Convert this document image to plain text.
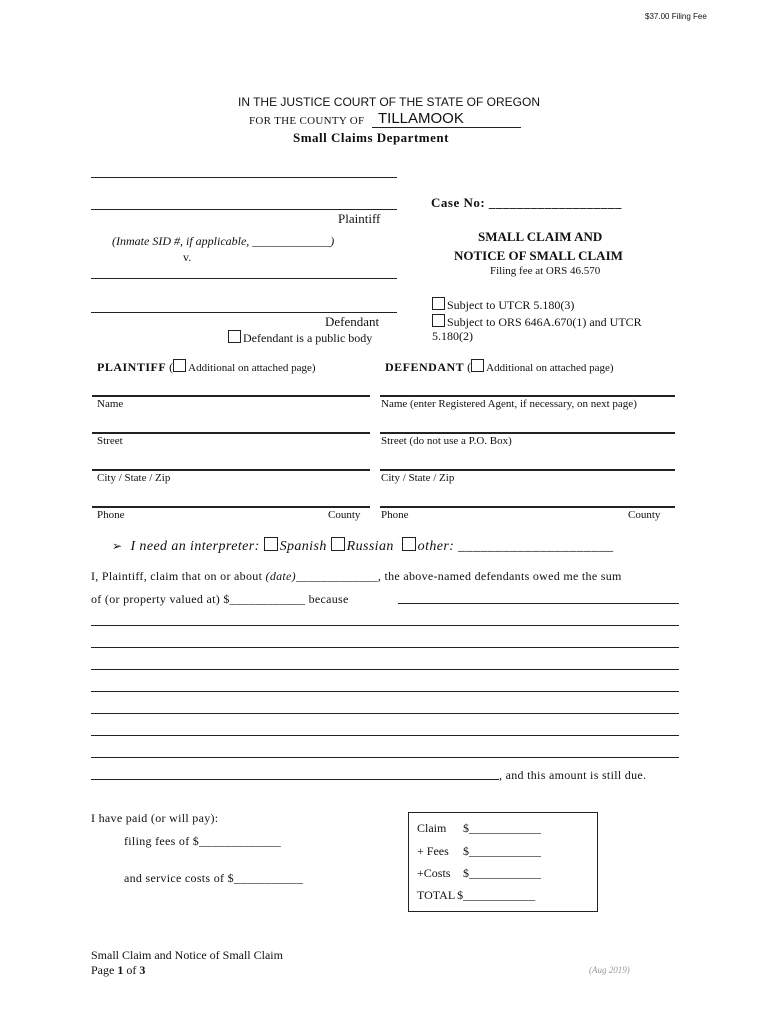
$37.00 Filing Fee
IN THE JUSTICE COURT OF THE STATE OF OREGON
FOR THE COUNTY OF TILLAMOOK
Small Claims Department
Plaintiff
(Inmate SID #, if applicable, _____________)
v.
Defendant
Defendant is a public body
Case No: ___________________
SMALL CLAIM AND
NOTICE OF SMALL CLAIM
Filing fee at ORS 46.570
Subject to UTCR 5.180(3)
Subject to ORS 646A.670(1) and UTCR
5.180(2)
PLAINTIFF ( Additional on attached page)
Name
Street
City / State / Zip
Phone	County
DEFENDANT ( Additional on attached page)
Name (enter Registered Agent, if necessary, on next page)
Street (do not use a P.O. Box)
City / State / Zip
Phone	County
➢ I need an interpreter: Spanish Russian other: _____________________
I, Plaintiff, claim that on or about (date)_____________, the above-named defendants owed me the sum
of (or property valued at) $____________ because
, and this amount is still due.
I have paid (or will pay):
filing fees of $_____________
and service costs of $___________
Claim $____________
+ Fees $____________
+Costs $____________
TOTAL $____________
Small Claim and Notice of Small Claim
Page 1 of 3	(Aug 2019)
